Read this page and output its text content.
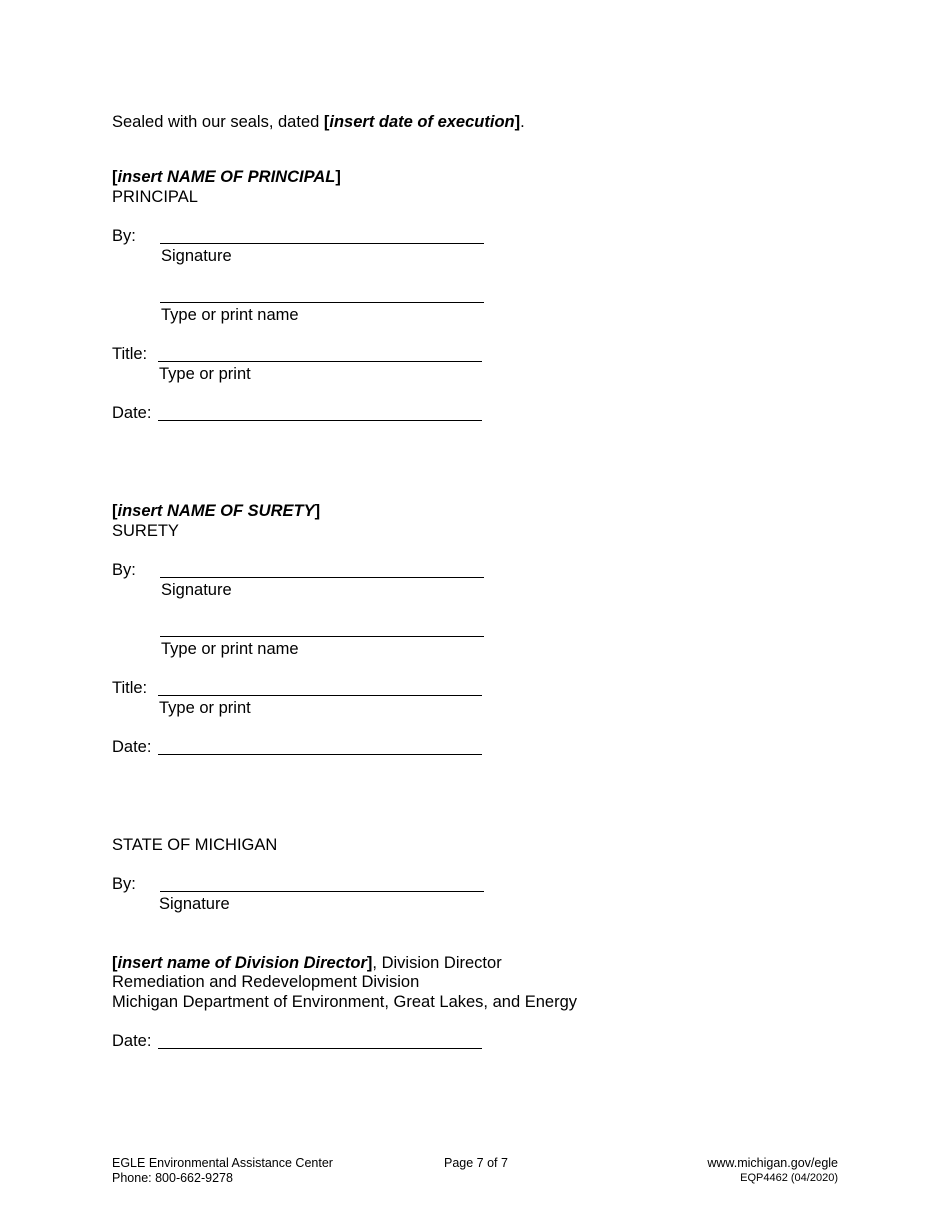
Sealed with our seals, dated [insert date of execution].
[insert NAME OF PRINCIPAL]
PRINCIPAL
By:
Signature
Type or print name
Title:
Type or print
Date:
[insert NAME OF SURETY]
SURETY
By:
Signature
Type or print name
Title:
Type or print
Date:
STATE OF MICHIGAN
By:
Signature
[insert name of Division Director], Division Director
Remediation and Redevelopment Division
Michigan Department of Environment, Great Lakes, and Energy
Date:
EGLE Environmental Assistance Center
Phone: 800-662-9278
Page 7 of 7	www.michigan.gov/egle
EQP4462 (04/2020)
